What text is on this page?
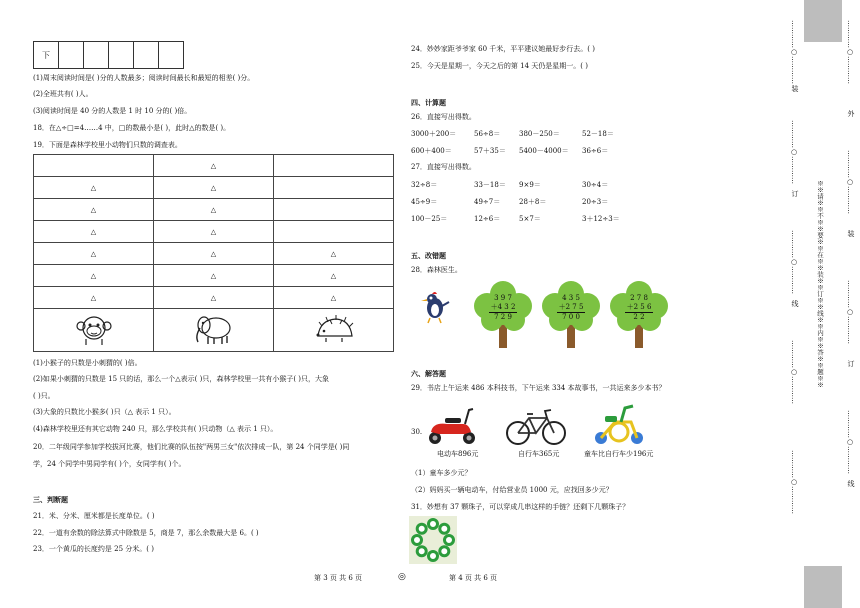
下					
(1)周末阅读时间是( )分的人数最多；阅读时间最长和最短的相差( )分。
(2)全班共有( )人。
(3)阅读时间是 40 分的人数是 1 时 10 分的( )倍。
18．在△÷□=4……4 中，□的数最小是( )，此时△的数是( )。
19．下面是森林学校里小动物们只数的调查表。
	△	
△	△	
△	△	
△	△	
△	△	△
△	△	△
△	△	△

(1)小猴子的只数是小刺猬的( )倍。
(2)如果小刺猬的只数是 15 只的话，那么一个△表示( )只，森林学校里一共有小猴子( )只，大象
( )只。
(3)大象的只数比小猴多( )只（△ 表示 1 只）。
(4)森林学校里还有其它动物 240 只，那么学校共有( )只动物（△ 表示 1 只）。
20．二年级同学参加学校拔河比赛，他们比赛的队伍按"两男三女"依次排成一队，第 24 个同学是( )同
学，24 个同学中男同学有( )个，女同学有( )个。
三、判断题
21．米、分米、厘米都是长度单位。( )
22．一道有余数的除法算式中除数是 5，商是 7，那么余数最大是 6。( )
23．一个黄瓜的长度约是 25 分米。( )
第 3 页 共 6 页	◎
24．妙妙家距爷爷家 60 千米，平平建议她最好步行去。( )
25．今天是星期一，今天之后的第 14 天仍是星期一。( )
四、计算题
26．直接写出得数。
27．直接写出得数。
五、改错题
28．森林医生。
3 9 7
＋4 3 2
7 2 9
4 3 5
＋2 7 5
7 0 0
2 7 8
＋2 5 6
2 2
六、解答题
29．书店上午运来 486 本科技书，下午运来 334 本故事书，一共运来多少本书？
30.
电动车896元	自行车365元	童车比自行车少196元
（1）童车多少元？
（2）妈妈买一辆电动车，付给营业员 1000 元，应找回多少元？
31．妙想有 37 颗珠子，可以穿成几串这样的手链？还剩下几颗珠子？
第 4 页 共 6 页
…………○…………
…………○…………
…………○…………
…………○…………
…………○…………
装
订
线	※※请※※不※※要※※在※※装※※订※※线※※内※※答※※题※※
…………○…………
…………○…………
…………○…………
…………○…………
外
装
订
线
3000＋200＝	56÷8＝	380－250＝	52－18＝
600＋400＝	57＋35＝ 5400－4000＝ 36÷6＝
32÷8＝	33－18＝ 9×9＝	30÷4＝
45÷9＝	49÷7＝	28＋8＝	20÷3＝
100－25＝	12÷6＝	5×7＝	3＋12÷3＝
